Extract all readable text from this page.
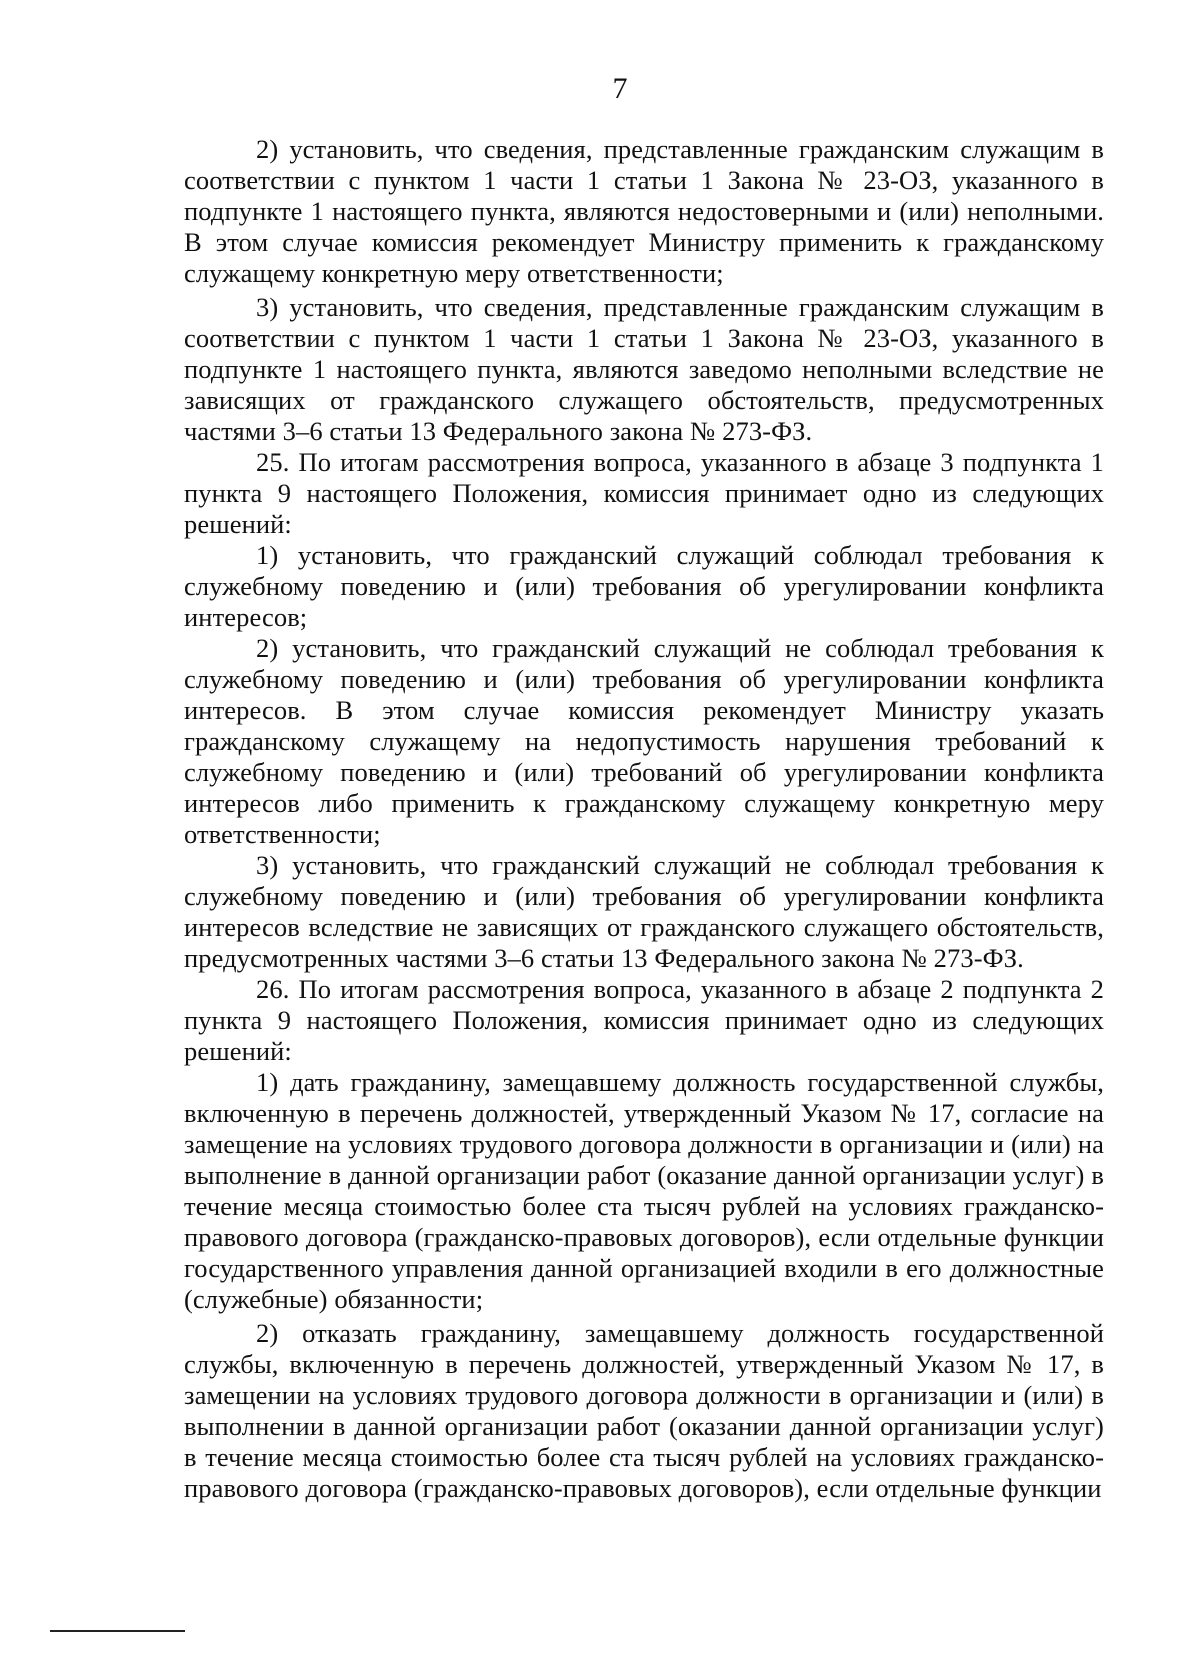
7

2) установить, что сведения, представленные гражданским служащим в соответствии с пунктом 1 части 1 статьи 1 Закона № 23-ОЗ, указанного в подпункте 1 настоящего пункта, являются недостоверными и (или) неполными. В этом случае комиссия рекомендует Министру применить к гражданскому служащему конкретную меру ответственности;

3) установить, что сведения, представленные гражданским служащим в соответствии с пунктом 1 части 1 статьи 1 Закона № 23-ОЗ, указанного в подпункте 1 настоящего пункта, являются заведомо неполными вследствие не зависящих от гражданского служащего обстоятельств, предусмотренных частями 3–6 статьи 13 Федерального закона № 273-ФЗ.

25. По итогам рассмотрения вопроса, указанного в абзаце 3 подпункта 1 пункта 9 настоящего Положения, комиссия принимает одно из следующих решений:

1) установить, что гражданский служащий соблюдал требования к служебному поведению и (или) требования об урегулировании конфликта интересов;

2) установить, что гражданский служащий не соблюдал требования к служебному поведению и (или) требования об урегулировании конфликта интересов. В этом случае комиссия рекомендует Министру указать гражданскому служащему на недопустимость нарушения требований к служебному поведению и (или) требований об урегулировании конфликта интересов либо применить к гражданскому служащему конкретную меру ответственности;

3) установить, что гражданский служащий не соблюдал требования к служебному поведению и (или) требования об урегулировании конфликта интересов вследствие не зависящих от гражданского служащего обстоятельств, предусмотренных частями 3–6 статьи 13 Федерального закона № 273-ФЗ.

26. По итогам рассмотрения вопроса, указанного в абзаце 2 подпункта 2 пункта 9 настоящего Положения, комиссия принимает одно из следующих решений:

1) дать гражданину, замещавшему должность государственной службы, включенную в перечень должностей, утвержденный Указом № 17, согласие на замещение на условиях трудового договора должности в организации и (или) на выполнение в данной организации работ (оказание данной организации услуг) в течение месяца стоимостью более ста тысяч рублей на условиях гражданско-правового договора (гражданско-правовых договоров), если отдельные функции государственного управления данной организацией входили в его должностные (служебные) обязанности;

2) отказать гражданину, замещавшему должность государственной службы, включенную в перечень должностей, утвержденный Указом № 17, в замещении на условиях трудового договора должности в организации и (или) в выполнении в данной организации работ (оказании данной организации услуг) в течение месяца стоимостью более ста тысяч рублей на условиях гражданско-правового договора (гражданско-правовых договоров), если отдельные функции
